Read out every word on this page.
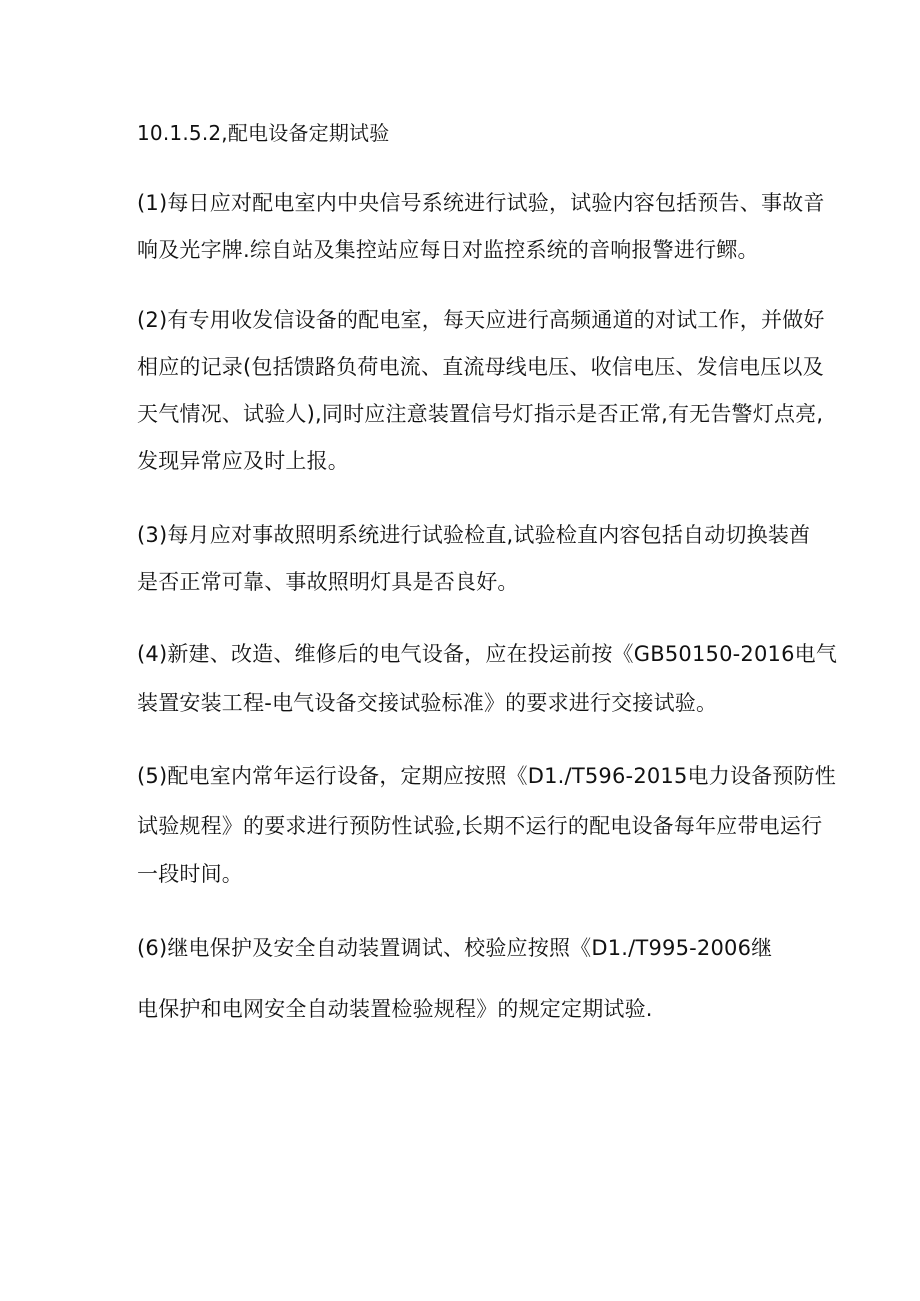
10.1.5.2,配电设备定期试验
(1)每日应对配电室内中央信号系统进行试验，试验内容包括预告、事故音
响及光字牌.综自站及集控站应每日对监控系统的音响报警进行鳏。
(2)有专用收发信设备的配电室，每天应进行高频通道的对试工作，并做好
相应的记录(包括馈路负荷电流、直流母线电压、收信电压、发信电压以及
天气情况、试验人),同时应注意装置信号灯指示是否正常,有无告警灯点亮,
发现异常应及时上报。
(3)每月应对事故照明系统进行试验检直,试验检直内容包括自动切换装酋
是否正常可靠、事故照明灯具是否良好。
(4)新建、改造、维修后的电气设备，应在投运前按《GB50150-2016电气
装置安装工程-电气设备交接试验标准》的要求进行交接试验。
(5)配电室内常年运行设备，定期应按照《D1./T596-2015电力设备预防性
试验规程》的要求进行预防性试验,长期不运行的配电设备每年应带电运行
一段时间。
(6)继电保护及安全自动装置调试、校验应按照《D1./T995-2006继
电保护和电网安全自动装置检验规程》的规定定期试验.
